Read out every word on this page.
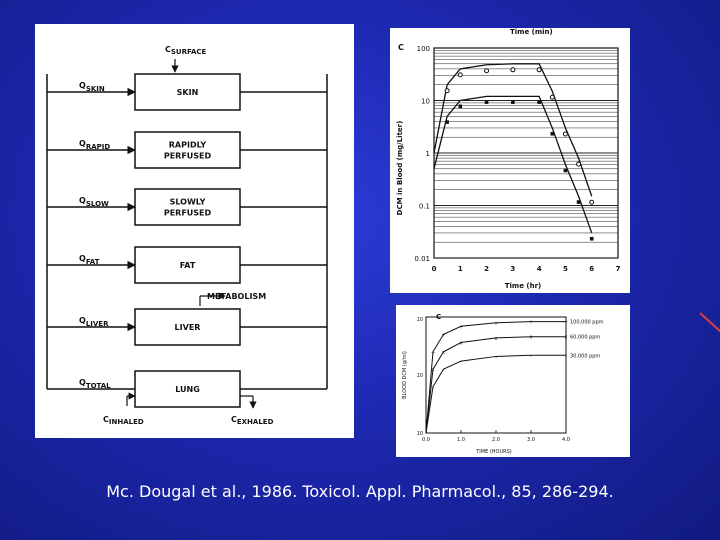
SKIN
QSKIN
RAPIDLY
PERFUSED
QRAPID
SLOWLY
PERFUSED
QSLOW
FAT
QFAT
LIVER
QLIVER
LUNG
QTOTAL
CSURFACE
METABOLISM
CINHALED	CEXHALED
Time (min)
C
DCM in Blood (mg/Liter)
Time (hr)
0	1	2	3	4	5	6	7
100
10
1
0.1
0.01
C
BLOOD DCM (g/ml)
TIME (HOURS)
0.0	1.0	2.0	3.0	4.0
10
10
10
+
+
+
+	+	+ 100,000 ppm
x
x
x
x	x	x 60,000 ppm
-
-
-
-	-	- 30,000 ppm
Mc. Dougal et al., 1986. Toxicol. Appl. Pharmacol., 85, 286-294.
